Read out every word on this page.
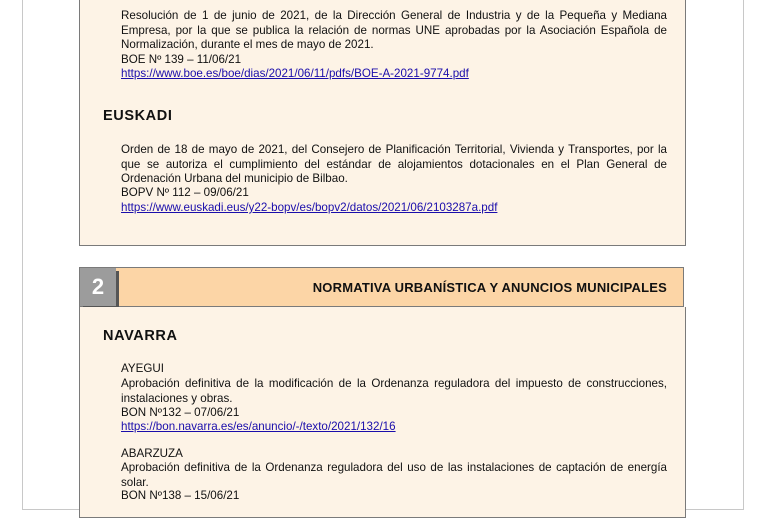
Resolución de 1 de junio de 2021, de la Dirección General de Industria y de la Pequeña y Mediana Empresa, por la que se publica la relación de normas UNE aprobadas por la Asociación Española de Normalización, durante el mes de mayo de 2021.
BOE Nº 139 – 11/06/21
https://www.boe.es/boe/dias/2021/06/11/pdfs/BOE-A-2021-9774.pdf
EUSKADI
Orden de 18 de mayo de 2021, del Consejero de Planificación Territorial, Vivienda y Transportes, por la que se autoriza el cumplimiento del estándar de alojamientos dotacionales en el Plan General de Ordenación Urbana del municipio de Bilbao.
BOPV Nº 112 – 09/06/21
https://www.euskadi.eus/y22-bopv/es/bopv2/datos/2021/06/2103287a.pdf
2	NORMATIVA URBANÍSTICA Y ANUNCIOS MUNICIPALES
NAVARRA
AYEGUI
Aprobación definitiva de la modificación de la Ordenanza reguladora del impuesto de construcciones, instalaciones y obras.
BON Nº132 – 07/06/21
https://bon.navarra.es/es/anuncio/-/texto/2021/132/16
ABARZUZA
Aprobación definitiva de la Ordenanza reguladora del uso de las instalaciones de captación de energía solar.
BON Nº138 – 15/06/21
